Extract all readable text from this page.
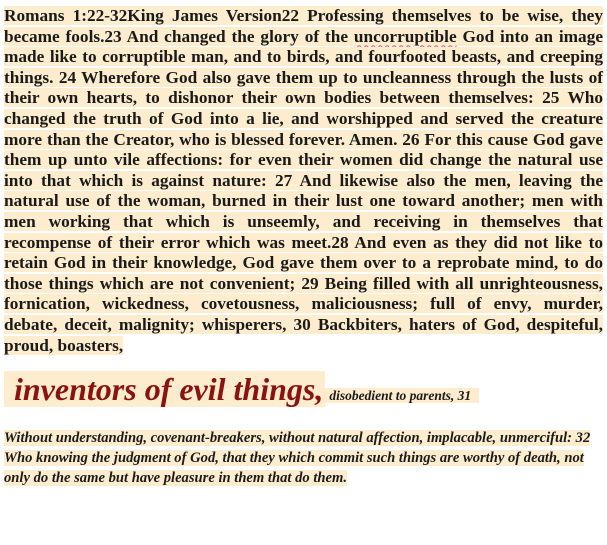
Romans 1:22-32King James Version22 Professing themselves to be wise, they became fools.23 And changed the glory of the uncorruptible God into an image made like to corruptible man, and to birds, and fourfooted beasts, and creeping things. 24 Wherefore God also gave them up to uncleanness through the lusts of their own hearts, to dishonor their own bodies between themselves: 25 Who changed the truth of God into a lie, and worshipped and served the creature more than the Creator, who is blessed forever. Amen. 26 For this cause God gave them up unto vile affections: for even their women did change the natural use into that which is against nature: 27 And likewise also the men, leaving the natural use of the woman, burned in their lust one toward another; men with men working that which is unseemly, and receiving in themselves that recompense of their error which was meet.28 And even as they did not like to retain God in their knowledge, God gave them over to a reprobate mind, to do those things which are not convenient; 29 Being filled with all unrighteousness, fornication, wickedness, covetousness, maliciousness; full of envy, murder, debate, deceit, malignity; whisperers, 30 Backbiters, haters of God, despiteful, proud, boasters,

inventors of evil things, disobedient to parents, 31

Without understanding, covenant-breakers, without natural affection, implacable, unmerciful: 32 Who knowing the judgment of God, that they which commit such things are worthy of death, not only do the same but have pleasure in them that do them.
